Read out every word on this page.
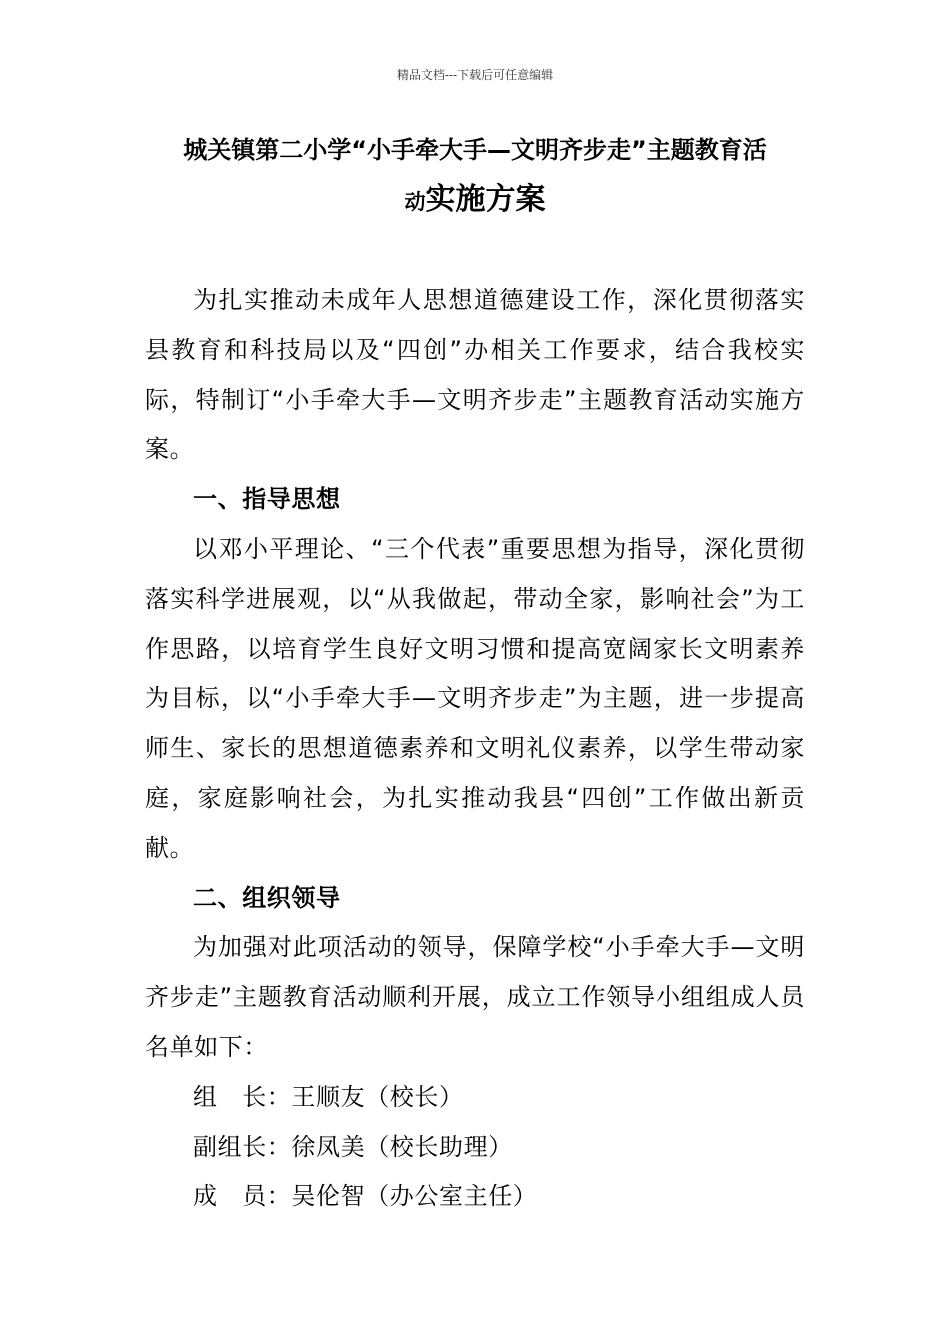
精品文档---下载后可任意编辑
城关镇第二小学“小手牵大手—文明齐步走”主题教育活
动实施方案

为扎实推动未成年人思想道德建设工作，深化贯彻落实县教育和科技局以及“四创”办相关工作要求，结合我校实际，特制订“小手牵大手—文明齐步走”主题教育活动实施方案。

一、指导思想

以邓小平理论、“三个代表”重要思想为指导，深化贯彻落实科学进展观，以“从我做起，带动全家，影响社会”为工作思路，以培育学生良好文明习惯和提高宽阔家长文明素养为目标，以“小手牵大手—文明齐步走”为主题，进一步提高师生、家长的思想道德素养和文明礼仪素养，以学生带动家庭，家庭影响社会，为扎实推动我县“四创”工作做出新贡献。

二、组织领导

为加强对此项活动的领导，保障学校“小手牵大手—文明齐步走”主题教育活动顺利开展，成立工作领导小组组成人员名单如下：

组　长：王顺友（校长）

副组长：徐凤美（校长助理）

成　员：吴伦智（办公室主任）
